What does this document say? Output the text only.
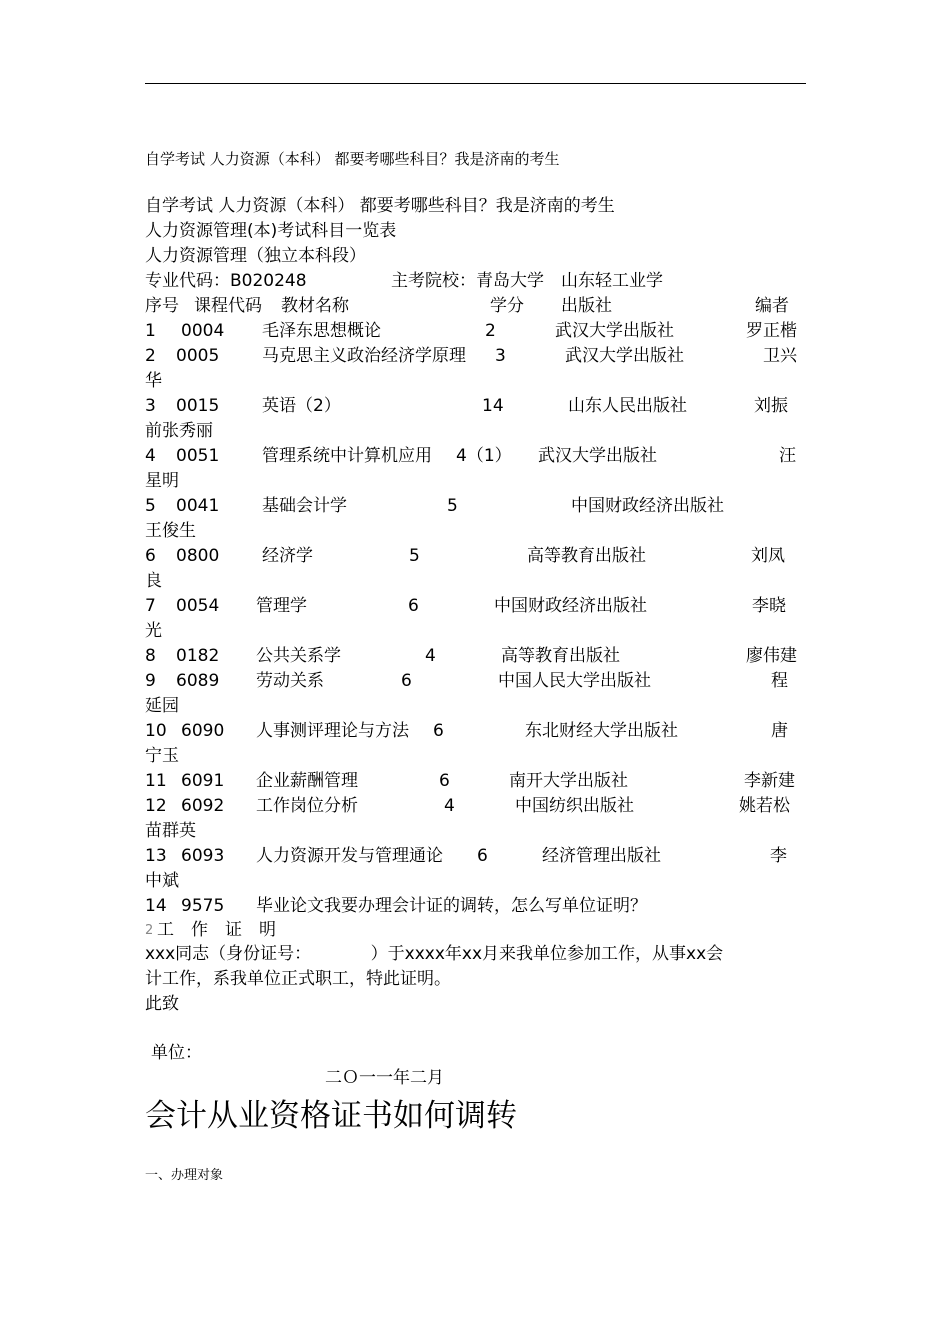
自学考试 人力资源（本科） 都要考哪些科目？我是济南的考生
自学考试 人力资源（本科） 都要考哪些科目？我是济南的考生
人力资源管理(本)考试科目一览表
人力资源管理（独立本科段）
专业代码：B020248	主考院校：青岛大学　山东轻工业学
序号 课程代码 教材名称	学分 出版社	编者
1 0004 毛泽东思想概论	2	武汉大学出版社	罗正楷
2 0005	马克思主义政治经济学原理 3	武汉大学出版社	卫兴
华
3 0015	英语（2）	14	山东人民出版社	刘振
前张秀丽
4 0051	管理系统中计算机应用 4（1） 武汉大学出版社	汪
星明
5 0041	基础会计学	5	中国财政经济出版社
王俊生
6 0800	经济学	5	高等教育出版社	刘凤
良
7 0054 管理学	6	中国财政经济出版社	李晓
光
8 0182 公共关系学	4	高等教育出版社	廖伟建
9 6089 劳动关系	6	中国人民大学出版社	程
延园
10 6090 人事测评理论与方法 6	东北财经大学出版社	唐
宁玉
11 6091 企业薪酬管理	6	南开大学出版社	李新建
12 6092 工作岗位分析	4	中国纺织出版社	姚若松
苗群英
13 6093 人力资源开发与管理通论 6	经济管理出版社	李
中斌
14 9575 毕业论文我要办理会计证的调转，怎么写单位证明？
2 工　作　证　明
xxx同志（身份证号：　　　　）于xxxx年xx月来我单位参加工作，从事xx会
计工作，系我单位正式职工，特此证明。
此致
单位：
二Ｏ一一年二月
会计从业资格证书如何调转
一、办理对象
